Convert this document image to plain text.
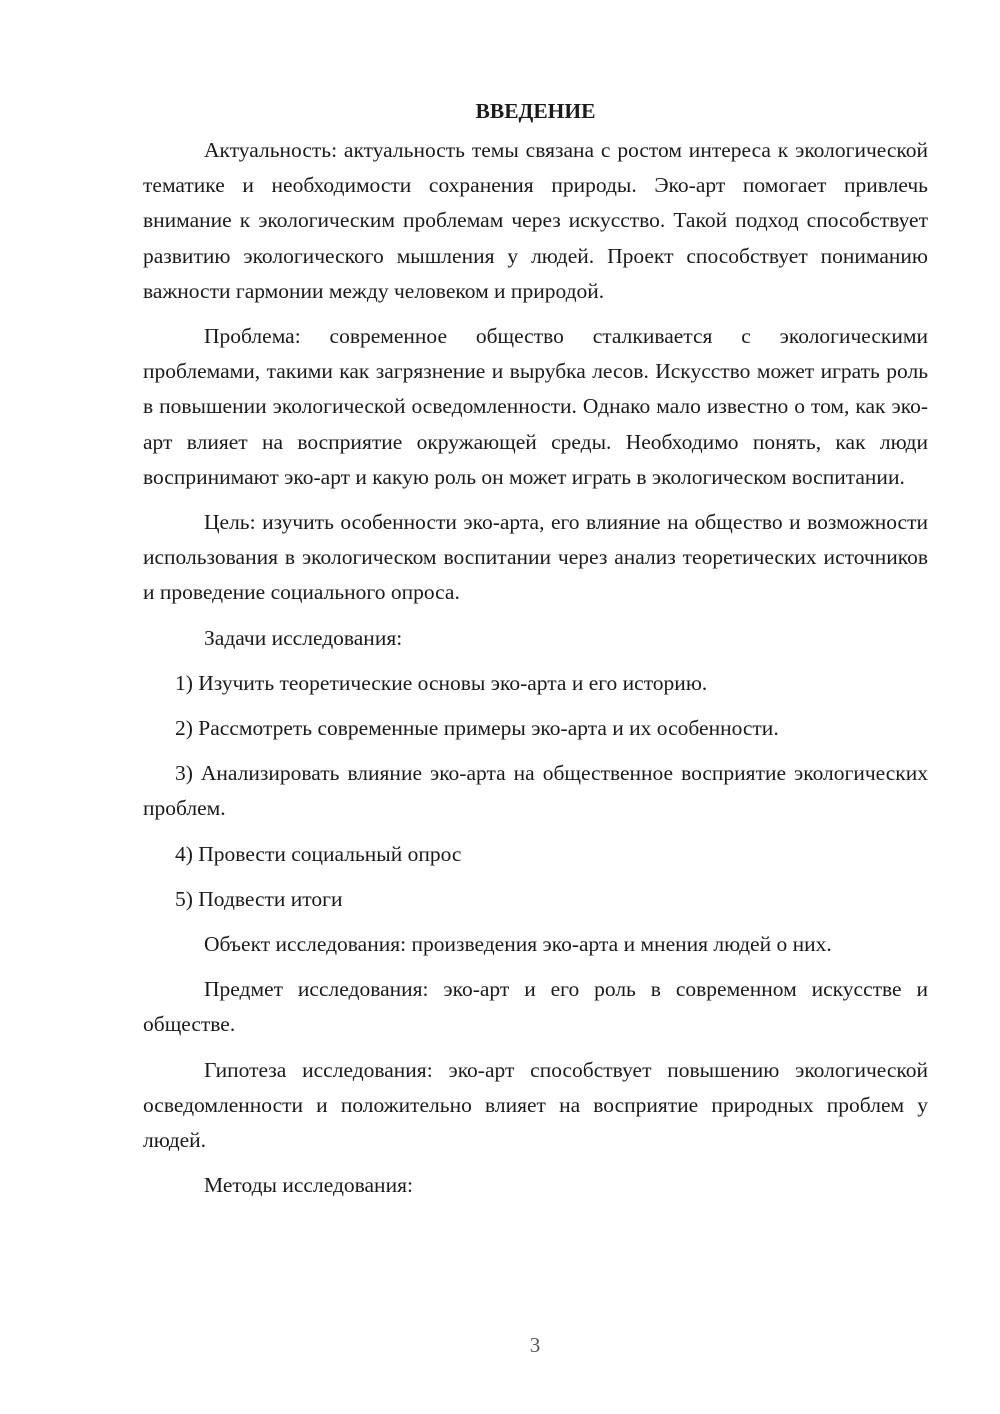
ВВЕДЕНИЕ

Актуальность: актуальность темы связана с ростом интереса к экологической тематике и необходимости сохранения природы. Эко-арт помогает привлечь внимание к экологическим проблемам через искусство. Такой подход способствует развитию экологического мышления у людей. Проект способствует пониманию важности гармонии между человеком и природой.

Проблема: современное общество сталкивается с экологическими проблемами, такими как загрязнение и вырубка лесов. Искусство может играть роль в повышении экологической осведомленности. Однако мало известно о том, как эко-арт влияет на восприятие окружающей среды. Необходимо понять, как люди воспринимают эко-арт и какую роль он может играть в экологическом воспитании.

Цель: изучить особенности эко-арта, его влияние на общество и возможности использования в экологическом воспитании через анализ теоретических источников и проведение социального опроса.

Задачи исследования:

1) Изучить теоретические основы эко-арта и его историю.

2) Рассмотреть современные примеры эко-арта и их особенности.

3) Анализировать влияние эко-арта на общественное восприятие экологических проблем.

4) Провести социальный опрос

5) Подвести итоги

Объект исследования: произведения эко-арта и мнения людей о них.

Предмет исследования: эко-арт и его роль в современном искусстве и обществе.

Гипотеза исследования: эко-арт способствует повышению экологической осведомленности и положительно влияет на восприятие природных проблем у людей.

Методы исследования:

3
